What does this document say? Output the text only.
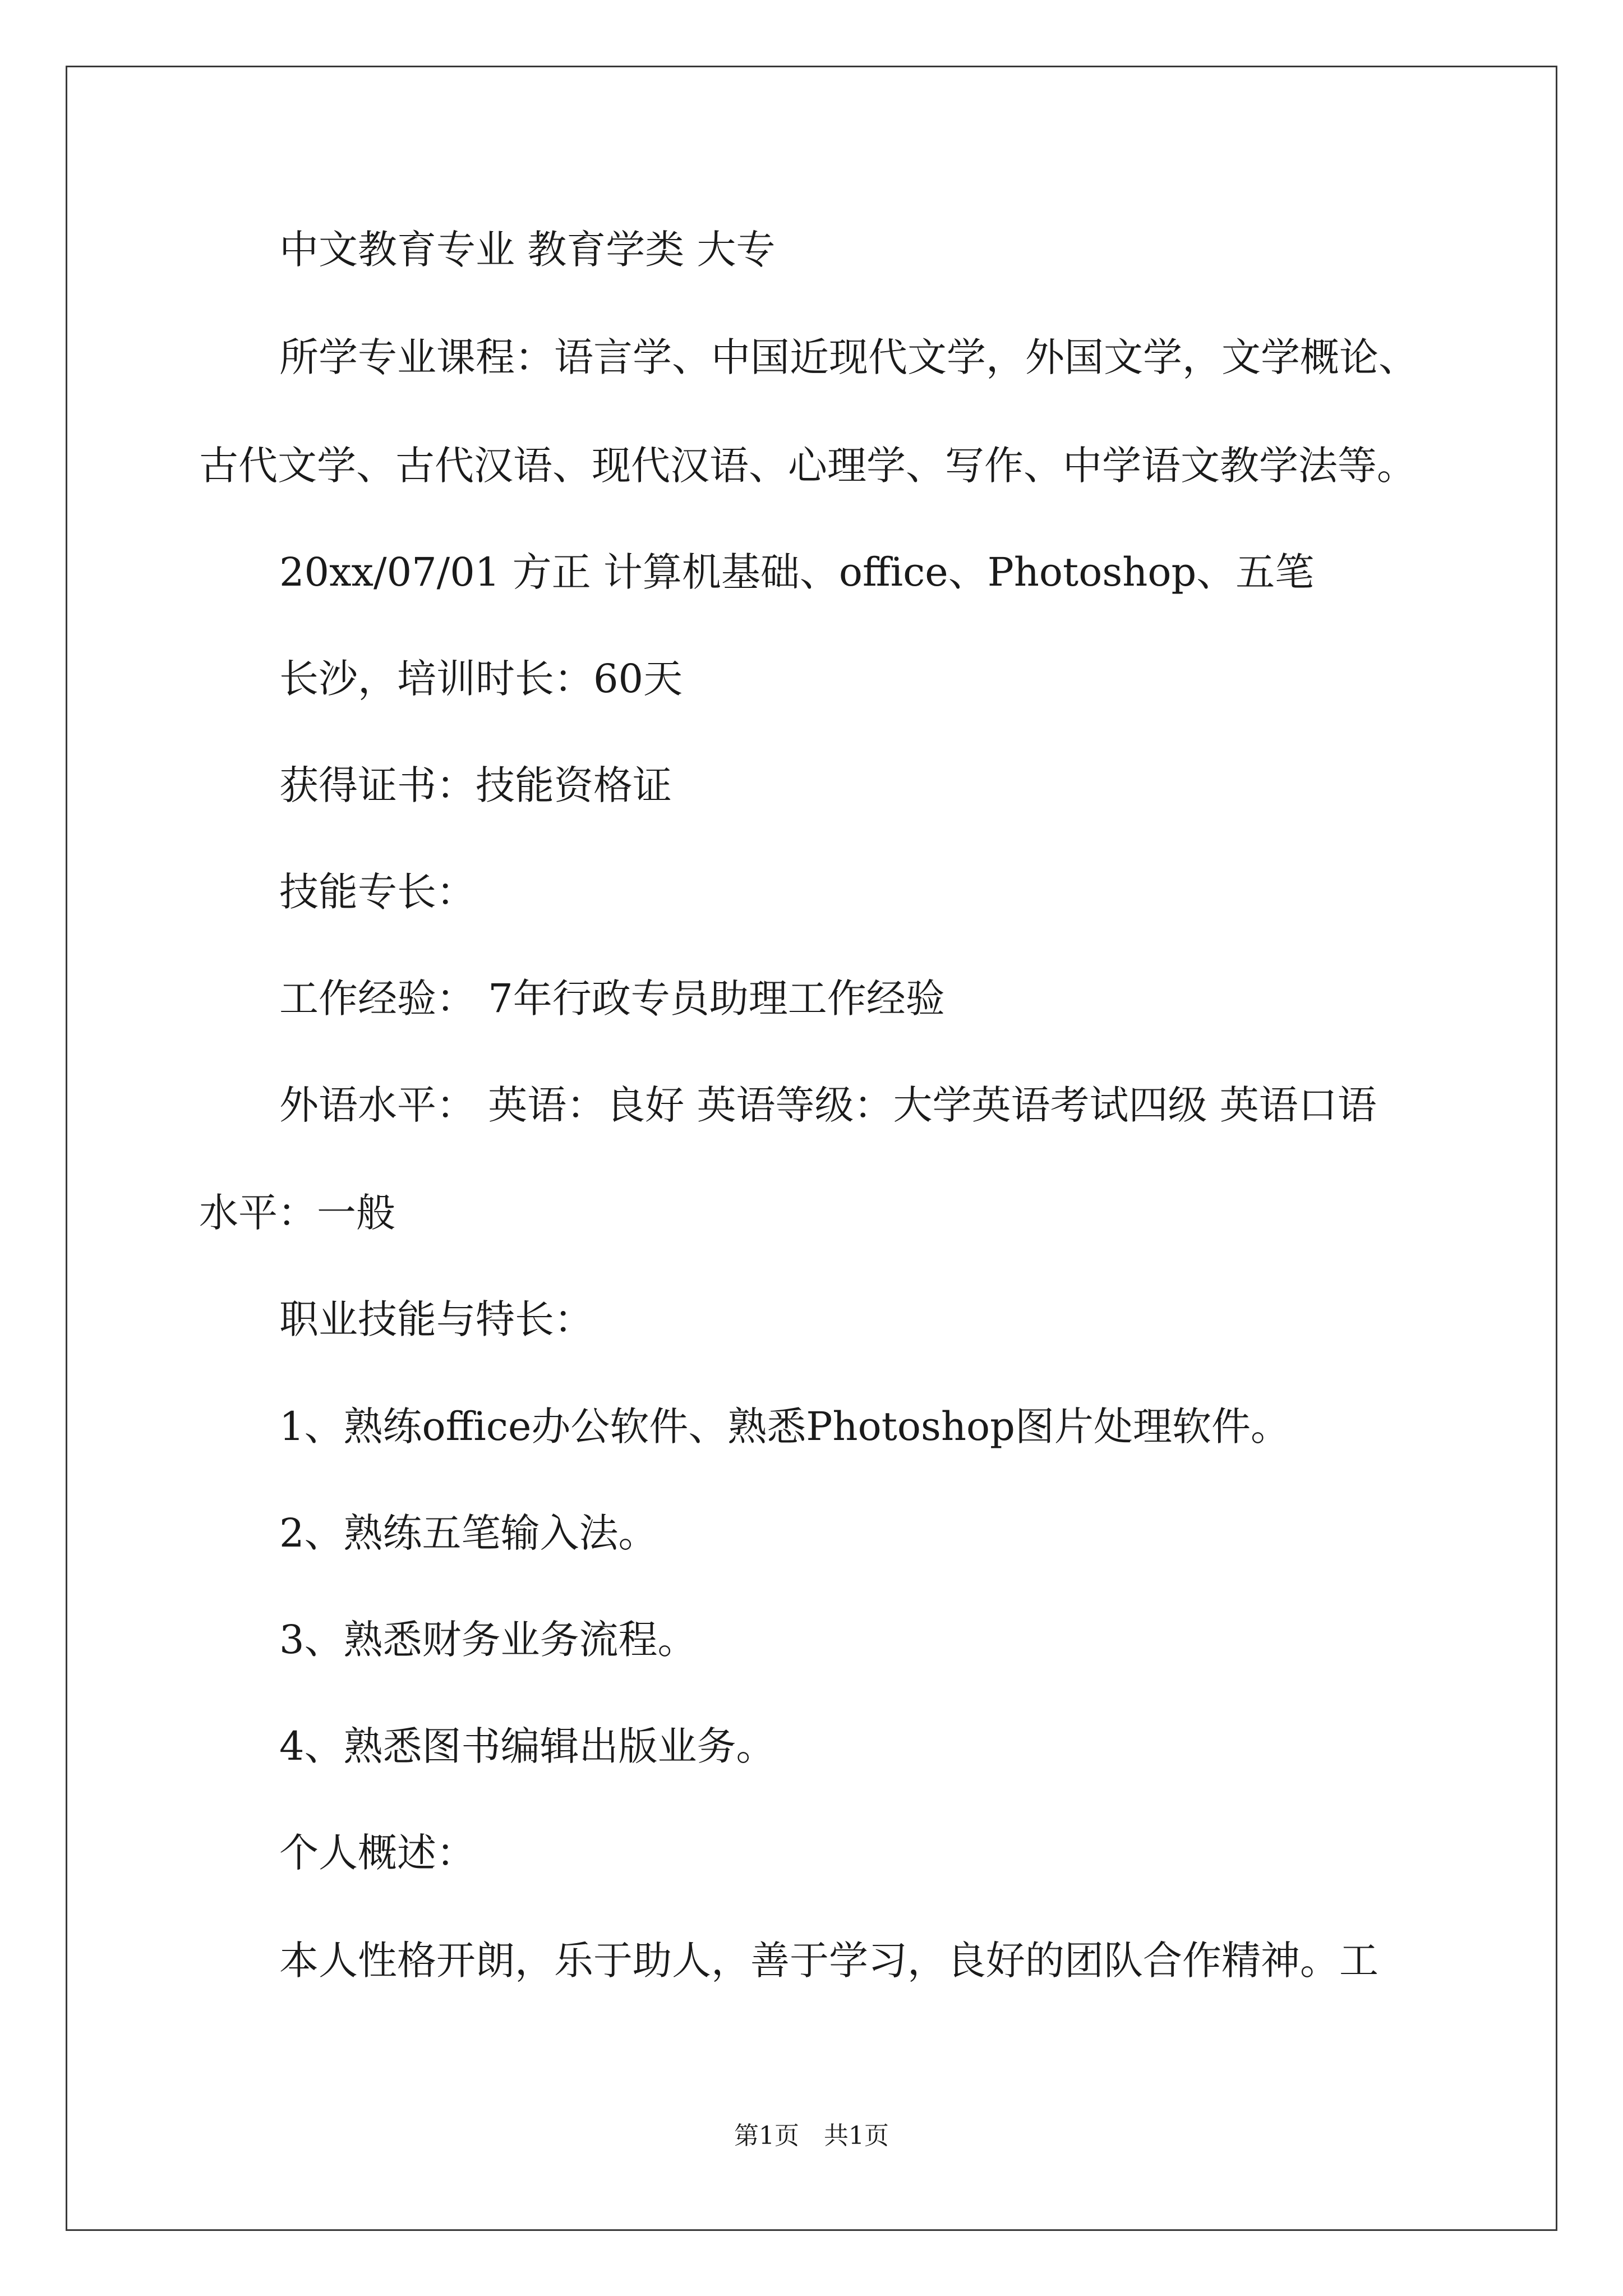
中文教育专业 教育学类 大专
所学专业课程：语言学、中国近现代文学，外国文学，文学概论、
古代文学、古代汉语、现代汉语、心理学、写作、中学语文教学法等。
20xx/07/01 方正 计算机基础、office、Photoshop、五笔
长沙，培训时长：60天
获得证书：技能资格证
技能专长：
工作经验： 7年行政专员助理工作经验
外语水平： 英语：良好 英语等级：大学英语考试四级 英语口语
水平：一般
职业技能与特长：
1、熟练office办公软件、熟悉Photoshop图片处理软件。
2、熟练五笔输入法。
3、熟悉财务业务流程。
4、熟悉图书编辑出版业务。
个人概述：
本人性格开朗，乐于助人，善于学习，良好的团队合作精神。工
第1页　共1页
